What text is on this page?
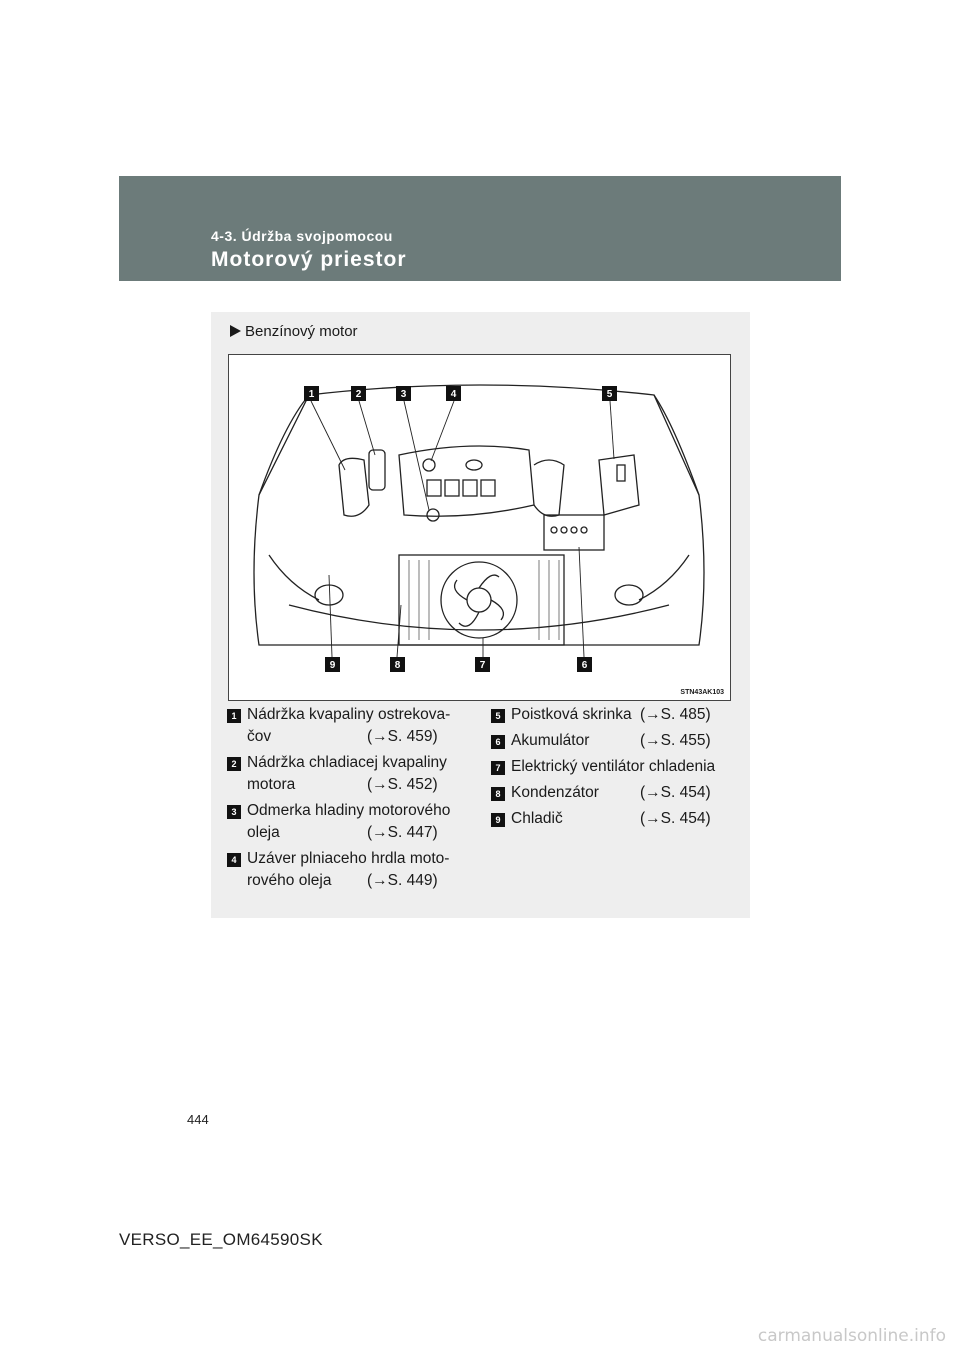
4-3. Údržba svojpomocou
Motorový priestor
Benzínový motor
1	2	3	4	5
6
7
8
9
STN43AK103
1 Nádržka kvapaliny ostrekova-
čov	(→S. 459)
2 Nádržka chladiacej kvapaliny
motora	(→S. 452)
3 Odmerka hladiny motorového
oleja	(→S. 447)
4 Uzáver plniaceho hrdla moto-
rového oleja (→S. 449)
5 Poistková skrinka (→S. 485)
6 Akumulátor	(→S. 455)
7 Elektrický ventilátor chladenia
8 Kondenzátor	(→S. 454)
9 Chladič	(→S. 454)
444
VERSO_EE_OM64590SK
carmanualsonline.info
